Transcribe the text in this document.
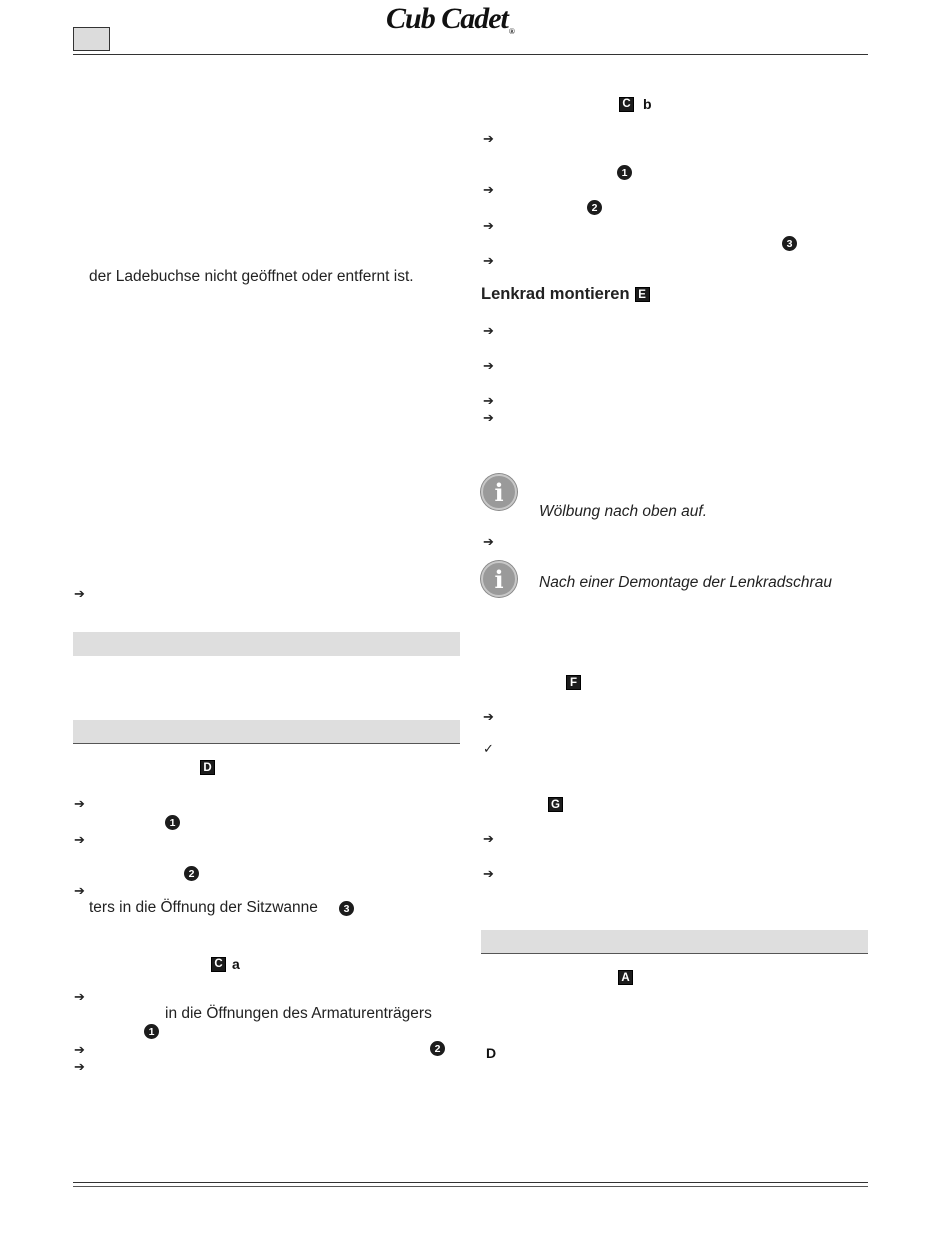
Cub Cadet®
der Ladebuchse nicht geöffnet oder entfernt ist.
➔
D
➔
1
➔
2
➔
ters in die Öffnung der Sitzwanne	3
C a
➔
in die Öffnungen des Armaturenträgers
1
➔	2
➔
C b
➔
1
➔
2
➔
3
➔
Lenkrad montieren E
➔
➔
➔
➔
i
Wölbung nach oben auf.
➔
i	Nach einer Demontage der Lenkradschrau
F
➔
✓
G
➔
➔
A
D
